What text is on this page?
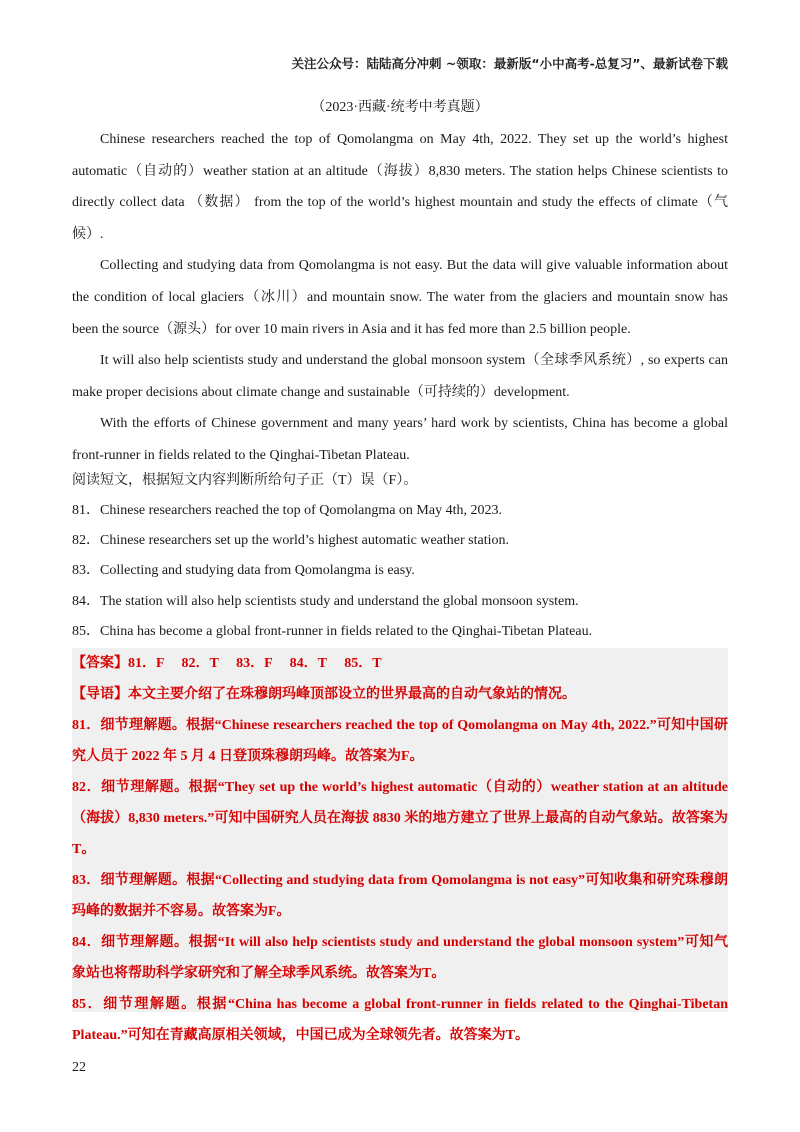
关注公众号：陆陆高分冲刺 ~领取：最新版“小中高考-总复习”、最新试卷下载
（2023·西藏·统考中考真题）

Chinese researchers reached the top of Qomolangma on May 4th, 2022. They set up the world’s highest automatic（自动的）weather station at an altitude（海拔）8,830 meters. The station helps Chinese scientists to directly collect data （数据） from the top of the world’s highest mountain and study the effects of climate（气候）.

Collecting and studying data from Qomolangma is not easy. But the data will give valuable information about the condition of local glaciers（冰川）and mountain snow. The water from the glaciers and mountain snow has been the source（源头）for over 10 main rivers in Asia and it has fed more than 2.5 billion people.

It will also help scientists study and understand the global monsoon system（全球季风系统）, so experts can make proper decisions about climate change and sustainable（可持续的）development.

With the efforts of Chinese government and many years’ hard work by scientists, China has become a global front-runner in fields related to the Qinghai-Tibetan Plateau.

阅读短文，根据短文内容判断所给句子正（T）误（F）。
81．Chinese researchers reached the top of Qomolangma on May 4th, 2023.
82．Chinese researchers set up the world’s highest automatic weather station.
83．Collecting and studying data from Qomolangma is easy.
84．The station will also help scientists study and understand the global monsoon system.
85．China has become a global front-runner in fields related to the Qinghai-Tibetan Plateau.
【答案】81．F     82．T     83．F     84．T     85．T
【导语】本文主要介绍了在珠穆朗玛峰顶部设立的世界最高的自动气象站的情况。

81．细节理解题。根据“Chinese researchers reached the top of Qomolangma on May 4th, 2022.”可知中国研究人员于 2022 年 5 月 4 日登顶珠穆朗玛峰。故答案为F。

82．细节理解题。根据“They set up the world’s highest automatic（自动的）weather station at an altitude（海拔）8,830 meters.”可知中国研究人员在海拔 8830 米的地方建立了世界上最高的自动气象站。故答案为T。

83．细节理解题。根据“Collecting and studying data from Qomolangma is not easy”可知收集和研究珠穆朗玛峰的数据并不容易。故答案为F。

84．细节理解题。根据“It will also help scientists study and understand the global monsoon system”可知气象站也将帮助科学家研究和了解全球季风系统。故答案为T。

85．细节理解题。根据“China has become a global front-runner in fields related to the Qinghai-Tibetan Plateau.”可知在青藏高原相关领域，中国已成为全球领先者。故答案为T。

22
